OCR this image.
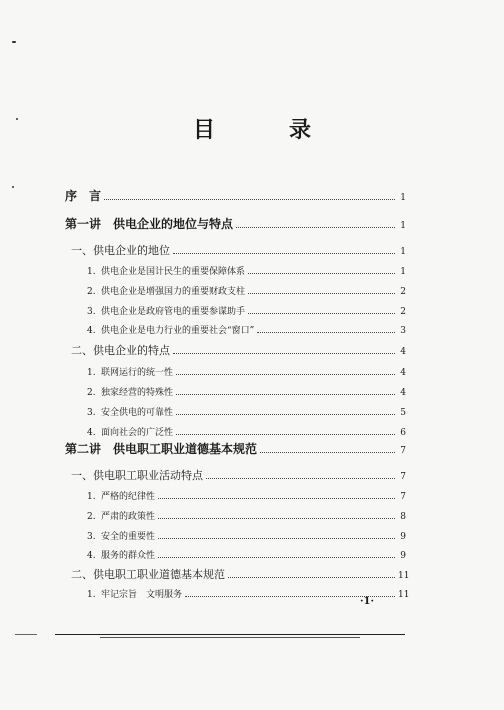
目　录
序　言	1
第一讲　供电企业的地位与特点	1
一、供电企业的地位	1
1. 供电企业是国计民生的重要保障体系	1
2. 供电企业是增强国力的重要财政支柱	2
3. 供电企业是政府管电的重要参谋助手	2
4. 供电企业是电力行业的重要社会“窗口”	3
二、供电企业的特点	4
1. 联网运行的统一性	4
2. 独家经营的特殊性	4
3. 安全供电的可靠性	5
4. 面向社会的广泛性	6
第二讲　供电职工职业道德基本规范	7
一、供电职工职业活动特点	7
1. 严格的纪律性	7
2. 严肃的政策性	8
3. 安全的重要性	9
4. 服务的群众性	9
二、供电职工职业道德基本规范	11
1. 牢记宗旨　文明服务	11
·1·
